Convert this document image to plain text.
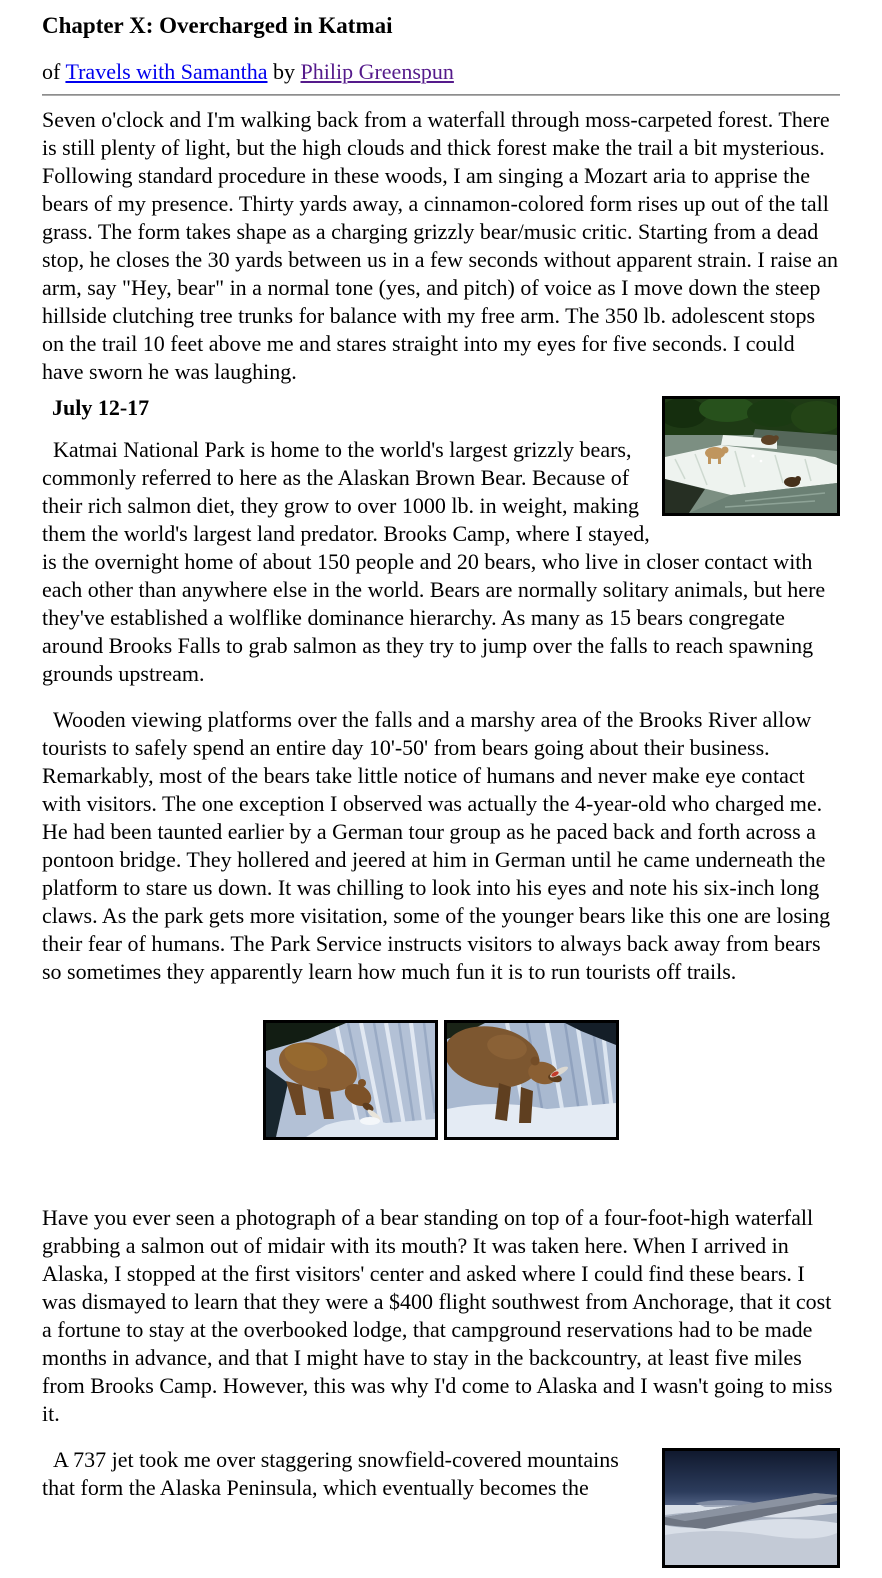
Chapter X: Overcharged in Katmai

of Travels with Samantha by Philip Greenspun

Seven o'clock and I'm walking back from a waterfall through moss-carpeted forest. There is still plenty of light, but the high clouds and thick forest make the trail a bit mysterious. Following standard procedure in these woods, I am singing a Mozart aria to apprise the bears of my presence. Thirty yards away, a cinnamon-colored form rises up out of the tall grass. The form takes shape as a charging grizzly bear/music critic. Starting from a dead stop, he closes the 30 yards between us in a few seconds without apparent strain. I raise an arm, say "Hey, bear" in a normal tone (yes, and pitch) of voice as I move down the steep hillside clutching tree trunks for balance with my free arm. The 350 lb. adolescent stops on the trail 10 feet above me and stares straight into my eyes for five seconds. I could have sworn he was laughing.

July 12-17

Katmai National Park is home to the world's largest grizzly bears, commonly referred to here as the Alaskan Brown Bear. Because of their rich salmon diet, they grow to over 1000 lb. in weight, making them the world's largest land predator. Brooks Camp, where I stayed, is the overnight home of about 150 people and 20 bears, who live in closer contact with each other than anywhere else in the world. Bears are normally solitary animals, but here they've established a wolflike dominance hierarchy. As many as 15 bears congregate around Brooks Falls to grab salmon as they try to jump over the falls to reach spawning grounds upstream.

Wooden viewing platforms over the falls and a marshy area of the Brooks River allow tourists to safely spend an entire day 10'-50' from bears going about their business. Remarkably, most of the bears take little notice of humans and never make eye contact with visitors. The one exception I observed was actually the 4-year-old who charged me. He had been taunted earlier by a German tour group as he paced back and forth across a pontoon bridge. They hollered and jeered at him in German until he came underneath the platform to stare us down. It was chilling to look into his eyes and note his six-inch long claws. As the park gets more visitation, some of the younger bears like this one are losing their fear of humans. The Park Service instructs visitors to always back away from bears so sometimes they apparently learn how much fun it is to run tourists off trails.

Have you ever seen a photograph of a bear standing on top of a four-foot-high waterfall grabbing a salmon out of midair with its mouth? It was taken here. When I arrived in Alaska, I stopped at the first visitors' center and asked where I could find these bears. I was dismayed to learn that they were a $400 flight southwest from Anchorage, that it cost a fortune to stay at the overbooked lodge, that campground reservations had to be made months in advance, and that I might have to stay in the backcountry, at least five miles from Brooks Camp. However, this was why I'd come to Alaska and I wasn't going to miss it.

A 737 jet took me over staggering snowfield-covered mountains that form the Alaska Peninsula, which eventually becomes the
